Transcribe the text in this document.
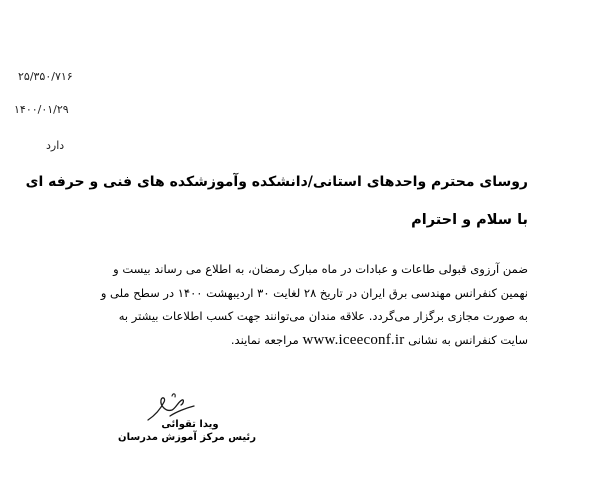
۲۵/۳۵۰/۷۱۶
۱۴۰۰/۰۱/۲۹
دارد
روسای محترم واحدهای استانی/دانشکده وآموزشکده های فنی و حرفه ای
با سلام و احترام
ضمن آرزوی قبولی طاعات و عبادات در ماه مبارک رمضان، به اطلاع می رساند بیست و
نهمین کنفرانس مهندسی برق ایران در تاریخ ۲۸ لغایت ۳۰ اردیبهشت ۱۴۰۰ در سطح ملی و
به صورت مجازی برگزار می‌گردد. علاقه مندان می‌توانند جهت کسب اطلاعات بیشتر به
سایت کنفرانس به نشانی www.iceeconf.ir مراجعه نمایند.
ویدا تقوائی
رئیس مرکز آموزش مدرسان
